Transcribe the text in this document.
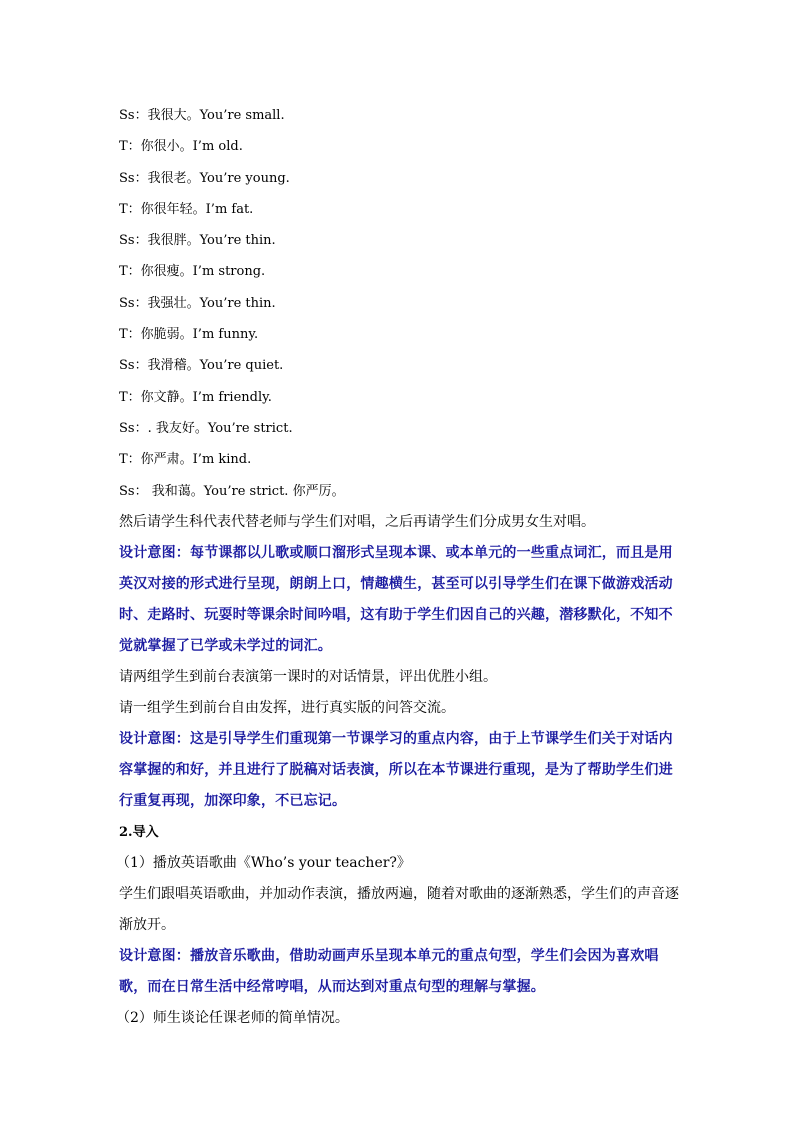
Ss：我很大。You’re small.
T：你很小。I’m old.
Ss：我很老。You’re young.
T：你很年轻。I’m fat.
Ss：我很胖。You’re thin.
T：你很瘦。I’m strong.
Ss：我强壮。You’re thin.
T：你脆弱。I’m funny.
Ss：我滑稽。You’re quiet.
T：你文静。I’m friendly.
Ss：. 我友好。You’re strict.
T：你严肃。I’m kind.
Ss： 我和蔼。You’re strict. 你严厉。
然后请学生科代表代替老师与学生们对唱，之后再请学生们分成男女生对唱。
设计意图：每节课都以儿歌或顺口溜形式呈现本课、或本单元的一些重点词汇，而且是用英汉对接的形式进行呈现，朗朗上口，情趣横生，甚至可以引导学生们在课下做游戏活动时、走路时、玩耍时等课余时间吟唱，这有助于学生们因自己的兴趣，潜移默化，不知不觉就掌握了已学或未学过的词汇。
请两组学生到前台表演第一课时的对话情景，评出优胜小组。
请一组学生到前台自由发挥，进行真实版的问答交流。
设计意图：这是引导学生们重现第一节课学习的重点内容，由于上节课学生们关于对话内容掌握的和好，并且进行了脱稿对话表演，所以在本节课进行重现，是为了帮助学生们进行重复再现，加深印象，不已忘记。
2.导入
（1）播放英语歌曲《Who’s your teacher?》
学生们跟唱英语歌曲，并加动作表演，播放两遍，随着对歌曲的逐渐熟悉，学生们的声音逐渐放开。
设计意图：播放音乐歌曲，借助动画声乐呈现本单元的重点句型，学生们会因为喜欢唱歌，而在日常生活中经常哼唱，从而达到对重点句型的理解与掌握。
（2）师生谈论任课老师的简单情况。
